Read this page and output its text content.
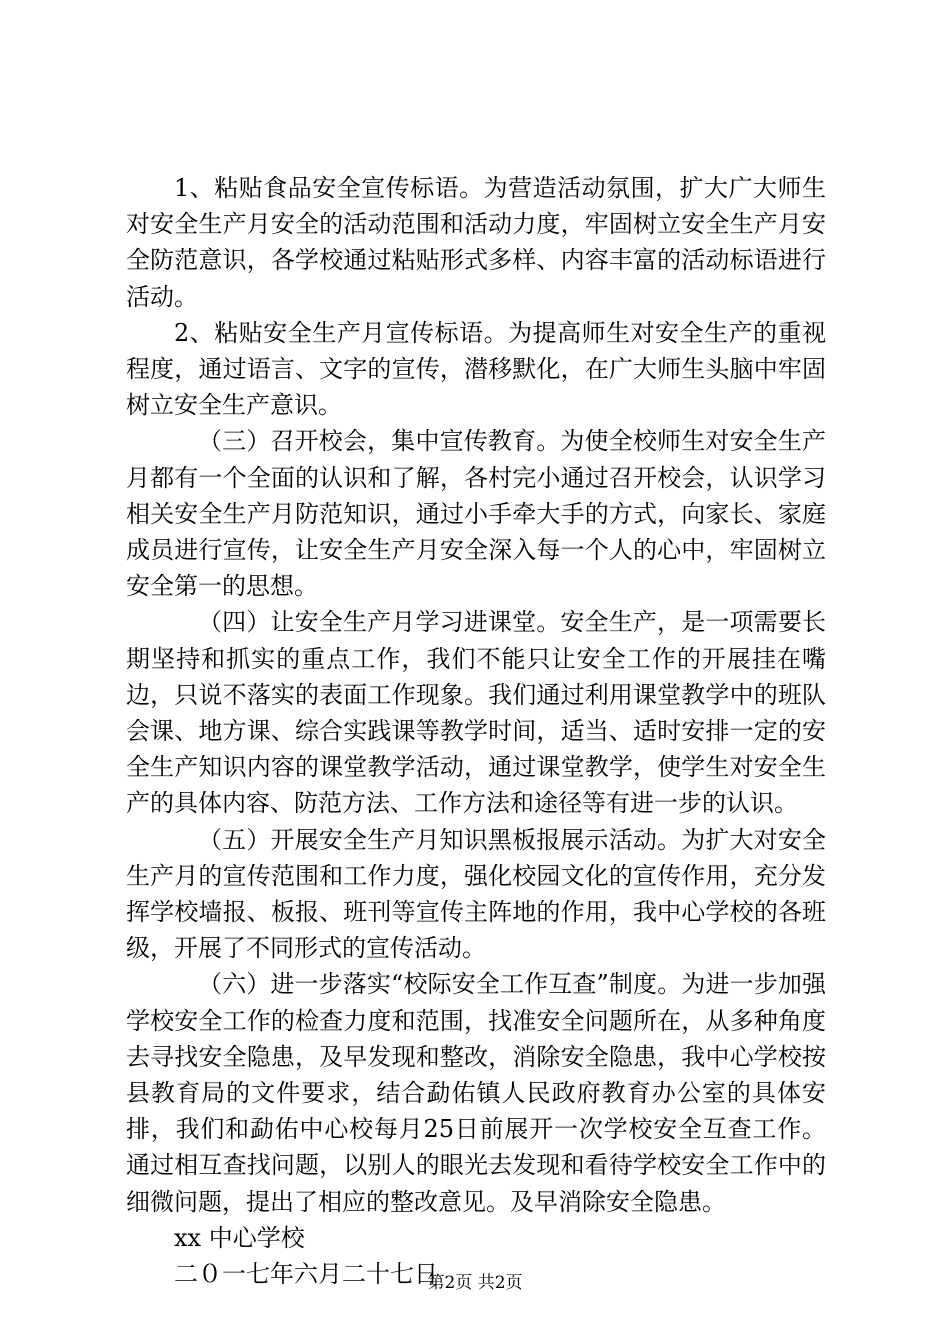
1、粘贴食品安全宣传标语。为营造活动氛围，扩大广大师生对安全生产月安全的活动范围和活动力度，牢固树立安全生产月安全防范意识，各学校通过粘贴形式多样、内容丰富的活动标语进行活动。

2、粘贴安全生产月宣传标语。为提高师生对安全生产的重视程度，通过语言、文字的宣传，潜移默化，在广大师生头脑中牢固树立安全生产意识。

（三）召开校会，集中宣传教育。为使全校师生对安全生产月都有一个全面的认识和了解，各村完小通过召开校会，认识学习相关安全生产月防范知识，通过小手牵大手的方式，向家长、家庭成员进行宣传，让安全生产月安全深入每一个人的心中，牢固树立安全第一的思想。

（四）让安全生产月学习进课堂。安全生产，是一项需要长期坚持和抓实的重点工作，我们不能只让安全工作的开展挂在嘴边，只说不落实的表面工作现象。我们通过利用课堂教学中的班队会课、地方课、综合实践课等教学时间，适当、适时安排一定的安全生产知识内容的课堂教学活动，通过课堂教学，使学生对安全生产的具体内容、防范方法、工作方法和途径等有进一步的认识。

（五）开展安全生产月知识黑板报展示活动。为扩大对安全生产月的宣传范围和工作力度，强化校园文化的宣传作用，充分发挥学校墙报、板报、班刊等宣传主阵地的作用，我中心学校的各班级，开展了不同形式的宣传活动。

（六）进一步落实“校际安全工作互查”制度。为进一步加强学校安全工作的检查力度和范围，找准安全问题所在，从多种角度去寻找安全隐患，及早发现和整改，消除安全隐患，我中心学校按县教育局的文件要求，结合勐佑镇人民政府教育办公室的具体安排，我们和勐佑中心校每月25日前展开一次学校安全互查工作。通过相互查找问题，以别人的眼光去发现和看待学校安全工作中的细微问题，提出了相应的整改意见。及早消除安全隐患。

xx 中心学校

二０一七年六月二十七日

第2页 共2页
